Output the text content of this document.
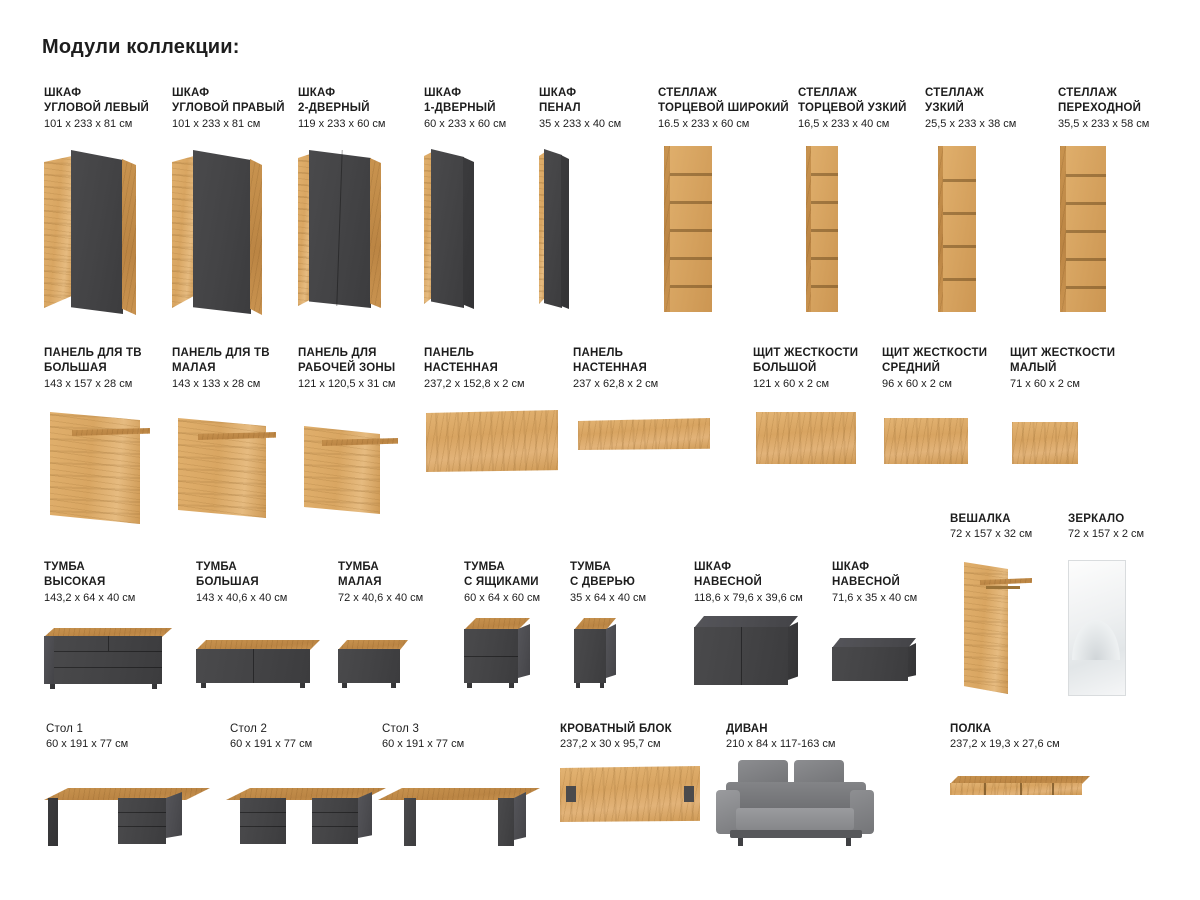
Модули коллекции:
ШКАФ
УГЛОВОЙ ЛЕВЫЙ
101 x 233 x 81 см
ШКАФ
УГЛОВОЙ ПРАВЫЙ
101 x 233 x 81 см
ШКАФ
2-ДВЕРНЫЙ
119 x 233 x 60 см
ШКАФ
1-ДВЕРНЫЙ
60 x 233 x 60 см
ШКАФ
ПЕНАЛ
35 x 233 x 40 см
СТЕЛЛАЖ
ТОРЦЕВОЙ ШИРОКИЙ
16.5 x 233 x 60 см
СТЕЛЛАЖ
ТОРЦЕВОЙ УЗКИЙ
16,5 x 233 x 40 см
СТЕЛЛАЖ
УЗКИЙ
25,5 x 233 x 38 см
СТЕЛЛАЖ
ПЕРЕХОДНОЙ
35,5 x 233 x 58 см
ПАНЕЛЬ ДЛЯ ТВ
БОЛЬШАЯ
143 x 157 x 28 см
ПАНЕЛЬ ДЛЯ ТВ
МАЛАЯ
143 x 133 x 28 см
ПАНЕЛЬ ДЛЯ
РАБОЧЕЙ ЗОНЫ
121 x 120,5 x 31 см
ПАНЕЛЬ
НАСТЕННАЯ
237,2 x 152,8 x 2 см
ПАНЕЛЬ
НАСТЕННАЯ
237 x 62,8 x 2 см
ЩИТ ЖЕСТКОСТИ
БОЛЬШОЙ
121 x 60 x 2 см
ЩИТ ЖЕСТКОСТИ
СРЕДНИЙ
96 x 60 x 2 см
ЩИТ ЖЕСТКОСТИ
МАЛЫЙ
71 x 60 x 2 см
ВЕШАЛКА
72 x 157 x 32 см
ЗЕРКАЛО
72 x 157 x 2 см
ТУМБА
ВЫСОКАЯ
143,2 x 64 x 40 см
ТУМБА
БОЛЬШАЯ
143 x 40,6 x 40 см
ТУМБА
МАЛАЯ
72 x 40,6 x 40 см
ТУМБА
С ЯЩИКАМИ
60 x 64 x 60 см
ТУМБА
С ДВЕРЬЮ
35 x 64 x 40 см
ШКАФ
НАВЕСНОЙ
118,6 x 79,6 x 39,6 см
ШКАФ
НАВЕСНОЙ
71,6 x 35 x 40 см
Стол 1
60 x 191 x 77 см
Стол 2
60 x 191 x 77 см
Стол 3
60 x 191 x 77 см
КРОВАТНЫЙ БЛОК
237,2 x 30 x 95,7 см
ДИВАН
210 x 84 x 117-163 см
ПОЛКА
237,2 x 19,3 x 27,6 см
